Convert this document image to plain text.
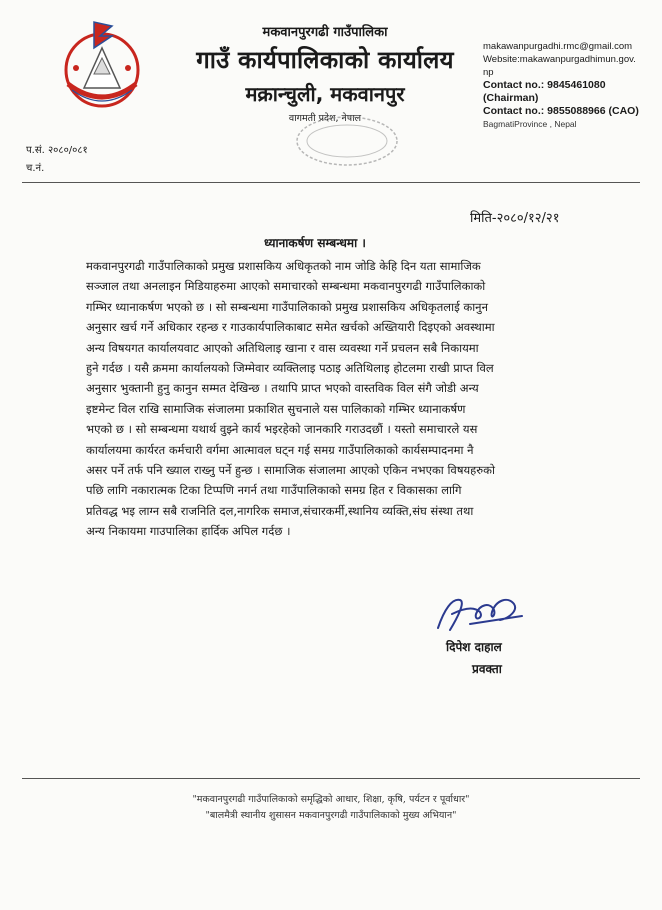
मकवानपुरगढी गाउँपालिका
गाउँ कार्यपालिकाको कार्यालय
मक्रान्चुली, मकवानपुर
वागमती प्रदेश, नेपाल
makawanpurgadhi.rmc@gmail.com
Website:makawanpurgadhimun.gov.
np
Contact no.: 9845461080
(Chairman)
Contact no.: 9855088966 (CAO)
BagmatiProvince , Nepal
प.सं. २०८०/०८१
च.नं.
मिति-२०८०/१२/२१
ध्यानाकर्षण सम्बन्धमा ।
मकवानपुरगढी गाउँपालिकाको प्रमुख प्रशासकिय अधिकृतको नाम जोडि केहि दिन यता सामाजिक
सञ्जाल तथा अनलाइन मिडियाहरुमा आएको समाचारको सम्बन्धमा मकवानपुरगढी गाउँपालिकाको
गम्भिर ध्यानाकर्षण भएको छ । सो सम्बन्धमा गाउँपालिकाको प्रमुख प्रशासकिय अधिकृतलाई कानुन
अनुसार खर्च गर्ने अधिकार रहन्छ र गाउकार्यपालिकाबाट समेत खर्चको अख्तियारी दिइएको अवस्थामा
अन्य विषयगत कार्यालयवाट आएको अतिथिलाइ खाना र वास व्यवस्था गर्ने प्रचलन सबै निकायमा
हुने गर्दछ । यसै क्रममा कार्यालयको जिम्मेवार व्यक्तिलाइ पठाइ अतिथिलाइ होटलमा राखी प्राप्त विल
अनुसार भुक्तानी हुनु कानुन सम्मत देखिन्छ । तथापि प्राप्त भएको वास्तविक विल संगै जोडी अन्य
इष्टमेन्ट विल राखि सामाजिक संजालमा प्रकाशित सुचनाले यस पालिकाको गम्भिर ध्यानाकर्षण
भएको छ । सो सम्बन्धमा यथार्थ वुझ्ने कार्य भइरहेको जानकारि गराउदछौं । यस्तो समाचारले यस
कार्यालयमा कार्यरत कर्मचारी वर्गमा आत्मावल घट्न गई समग्र गाउँपालिकाको कार्यसम्पादनमा नै
असर पर्ने तर्फ पनि ख्याल राख्नु पर्ने हुन्छ । सामाजिक संजालमा आएको एकिन नभएका विषयहरुको
पछि लागि नकारात्मक टिका टिप्पणि नगर्न तथा गाउँपालिकाको समग्र हित र विकासका लागि
प्रतिवद्ध भइ लाग्न सबै राजनिति दल,नागरिक समाज,संचारकर्मी,स्थानिय व्यक्ति,संघ संस्था तथा
अन्य निकायमा गाउपालिका हार्दिक अपिल गर्दछ ।
दिपेश दाहाल
प्रवक्ता
"मकवानपुरगढी गाउँपालिकाको समृद्धिको आधार, शिक्षा, कृषि, पर्यटन र पूर्वाधार"
"बालमैत्री स्थानीय शुसासन मकवानपुरगढी गाउँपालिकाको मुख्य अभियान"
